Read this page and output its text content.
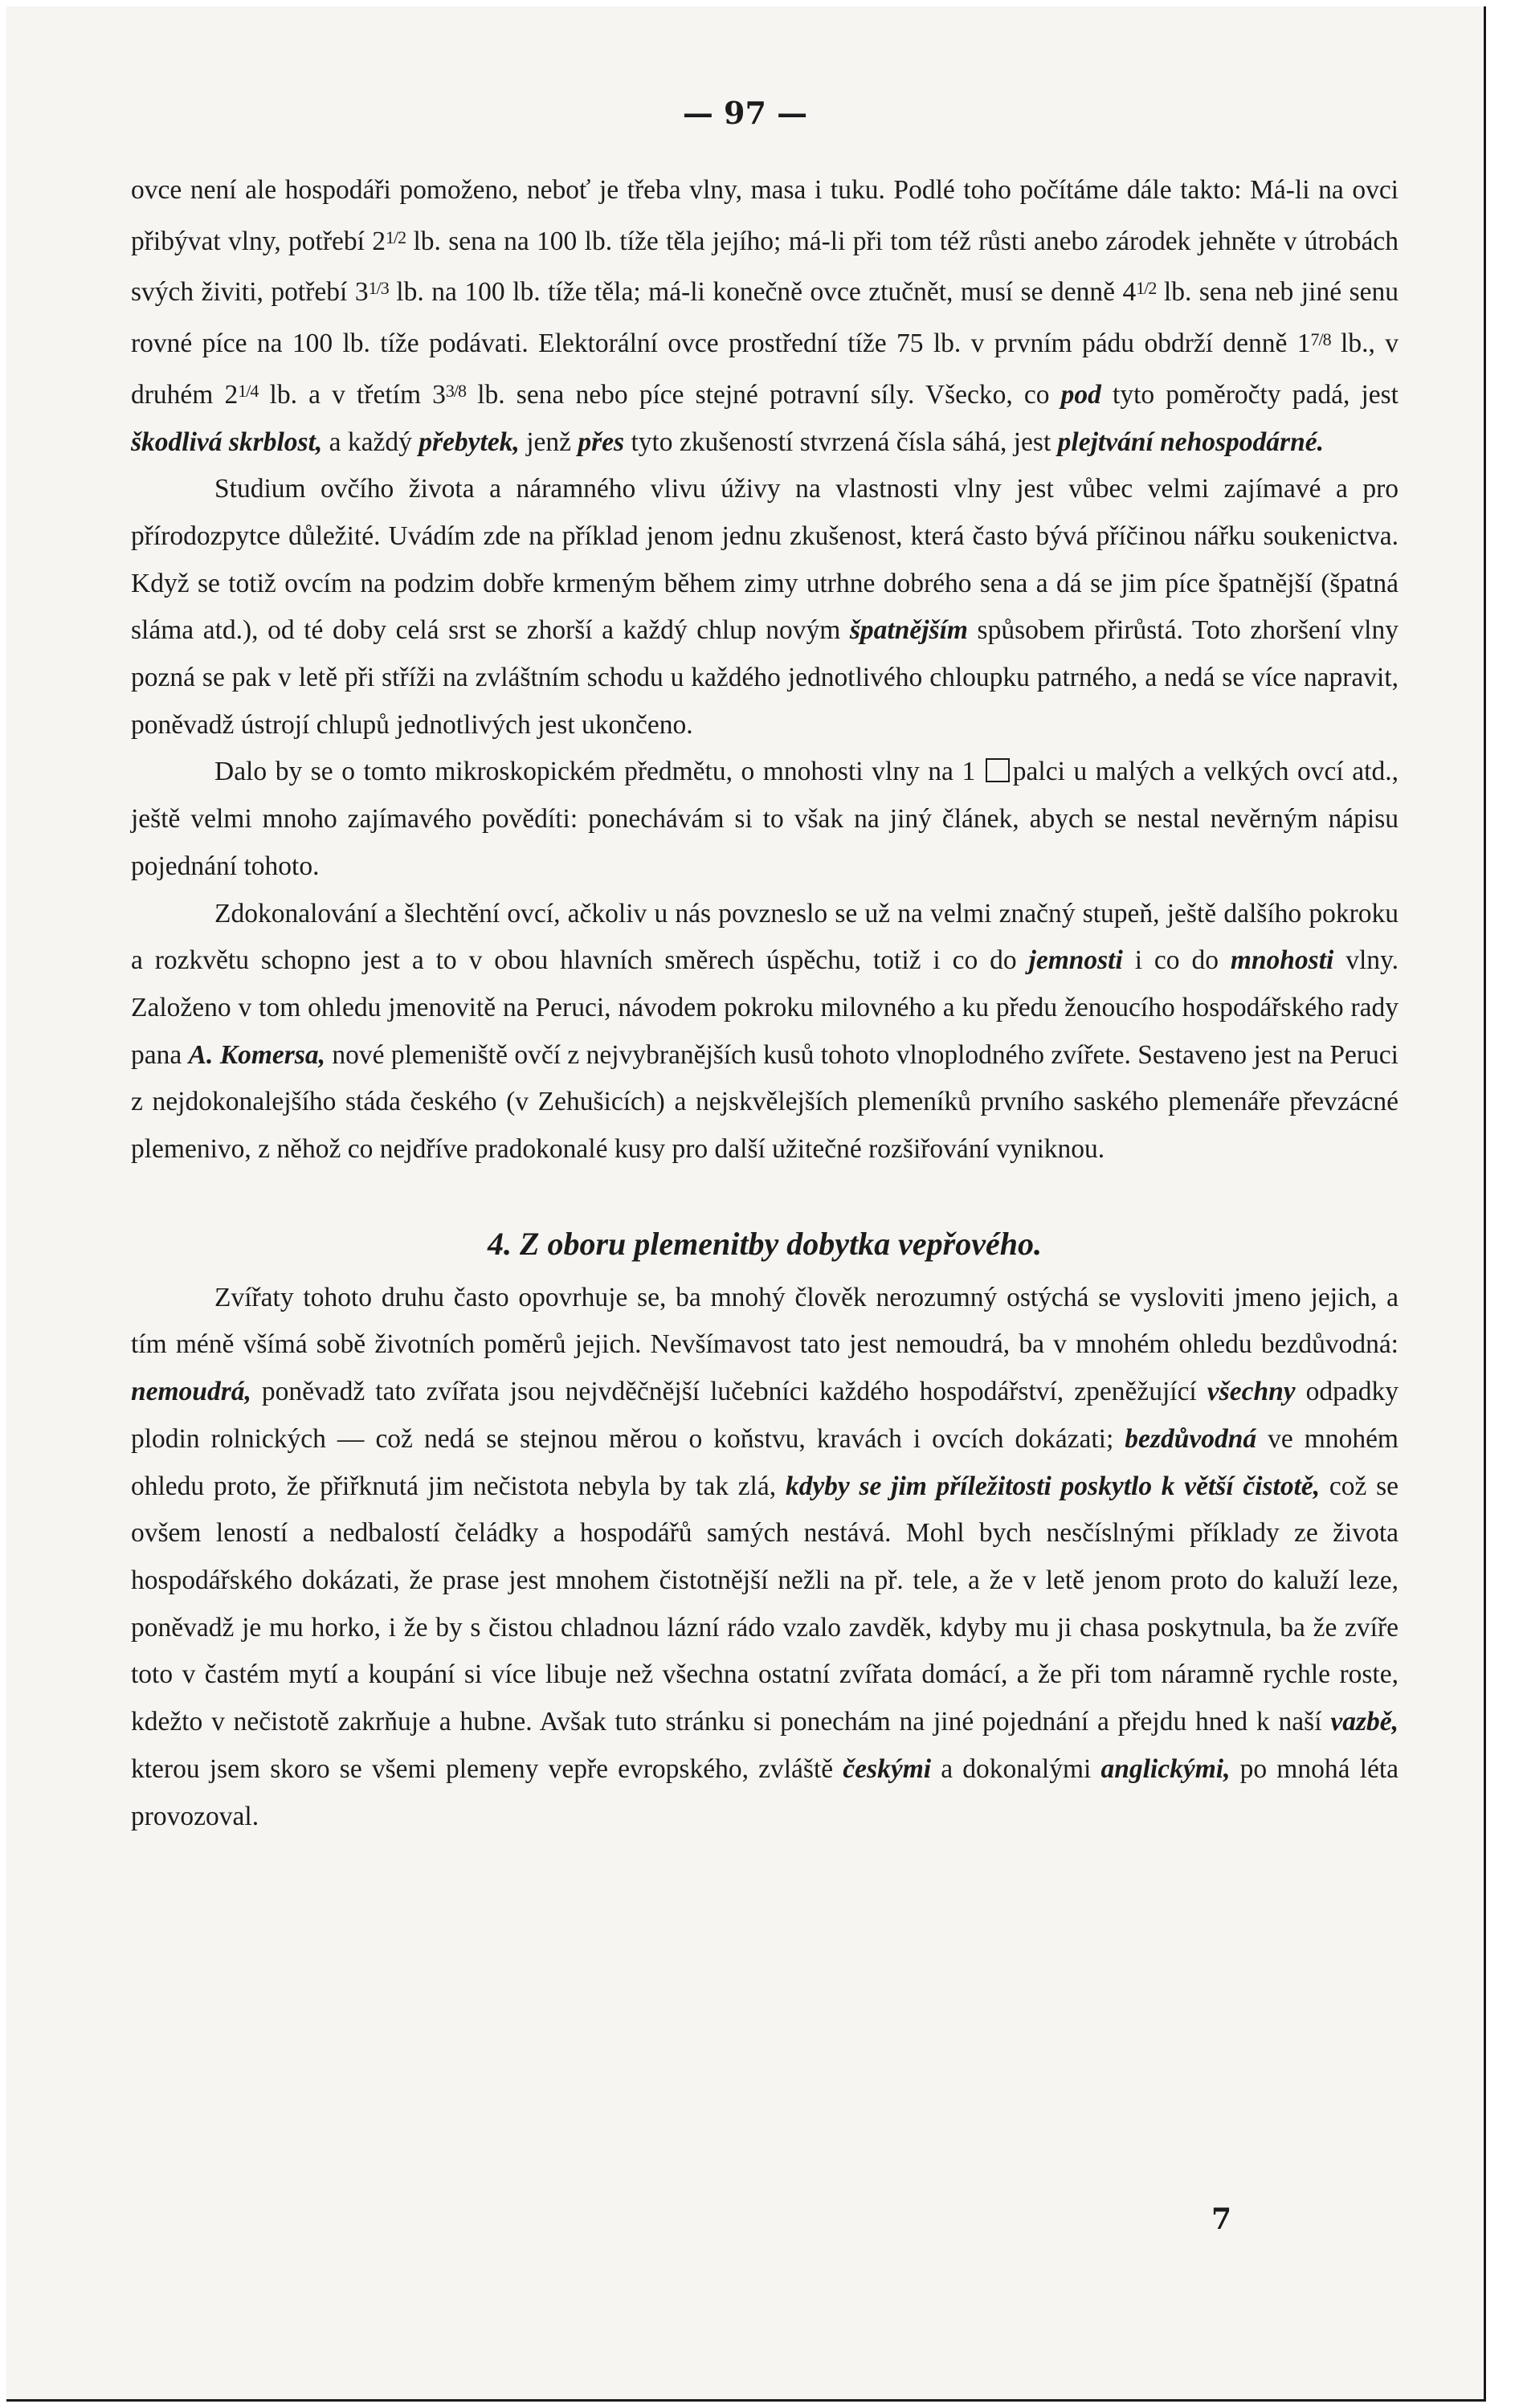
— 97 —

ovce není ale hospodáři pomoženo, neboť je třeba vlny, masa i tuku. Podlé toho počítáme dále takto: Má-li na ovci přibývat vlny, potřebí $2^{1/2}$ lb. sena na 100 lb. tíže těla jejího; má-li při tom též růsti anebo zárodek jehněte v útrobách svých živiti, potřebí $3^{1/3}$ lb. na 100 lb. tíže těla; má-li konečně ovce ztučnět, musí se denně $4^{1/2}$ lb. sena neb jiné senu rovné píce na 100 lb. tíže podávati. Elektorální ovce prostřední tíže 75 lb. v prvním pádu obdrží denně $1^{7/8}$ lb., v druhém $2^{1/4}$ lb. a v třetím $3^{3/8}$ lb. sena nebo píce stejné potravní síly. Všecko, co pod tyto poměročty padá, jest škodlivá skrblost, a každý přebytek, jenž přes tyto zkušeností stvrzená čísla sáhá, jest plejtvání nehospodárné.

Studium ovčího života a náramného vlivu úživy na vlastnosti vlny jest vůbec velmi zajímavé a pro přírodozpytce důležité. Uvádím zde na příklad jenom jednu zkušenost, která často bývá příčinou nářku soukenictva. Když se totiž ovcím na podzim dobře krmeným během zimy utrhne dobrého sena a dá se jim píce špatnější (špatná sláma atd.), od té doby celá srst se zhorší a každý chlup novým špatnějším spůsobem přirůstá. Toto zhoršení vlny pozná se pak v letě při stříži na zvláštním schodu u každého jednotlivého chloupku patrného, a nedá se více napravit, poněvadž ústrojí chlupů jednotlivých jest ukončeno.

Dalo by se o tomto mikroskopickém předmětu, o mnohosti vlny na 1 palci u malých a velkých ovcí atd., ještě velmi mnoho zajímavého povědíti: ponechávám si to však na jiný článek, abych se nestal nevěrným nápisu pojednání tohoto.

Zdokonalování a šlechtění ovcí, ačkoliv u nás povzneslo se už na velmi značný stupeň, ještě dalšího pokroku a rozkvětu schopno jest a to v obou hlavních směrech úspěchu, totiž i co do jemnosti i co do mnohosti vlny. Založeno v tom ohledu jmenovitě na Peruci, návodem pokroku milovného a ku předu ženoucího hospodářského rady pana A. Komersa, nové plemeniště ovčí z nejvybranějších kusů tohoto vlnoplodného zvířete. Sestaveno jest na Peruci z nejdokonalejšího stáda českého (v Zehušicích) a nejskvělejších plemeníků prvního saského plemenáře převzácné plemenivo, z něhož co nejdříve pradokonalé kusy pro další užitečné rozšiřování vyniknou.

4. Z oboru plemenitby dobytka vepřového.

Zvířaty tohoto druhu často opovrhuje se, ba mnohý člověk nerozumný ostýchá se vysloviti jmeno jejich, a tím méně všímá sobě životních poměrů jejich. Nevšímavost tato jest nemoudrá, ba v mnohém ohledu bezdůvodná: nemoudrá, poněvadž tato zvířata jsou nejvděčnější lučebníci každého hospodářství, zpeněžující všechny odpadky plodin rolnických — což nedá se stejnou měrou o koňstvu, kravách i ovcích dokázati; bezdůvodná ve mnohém ohledu proto, že přiřknutá jim nečistota nebyla by tak zlá, kdyby se jim příležitosti poskytlo k větší čistotě, což se ovšem leností a nedbalostí čeládky a hospodářů samých nestává. Mohl bych nesčíslnými příklady ze života hospodářského dokázati, že prase jest mnohem čistotnější nežli na př. tele, a že v letě jenom proto do kaluží leze, poněvadž je mu horko, i že by s čistou chladnou lázní rádo vzalo zavděk, kdyby mu ji chasa poskytnula, ba že zvíře toto v častém mytí a koupání si více libuje než všechna ostatní zvířata domácí, a že při tom náramně rychle roste, kdežto v nečistotě zakrňuje a hubne. Avšak tuto stránku si ponechám na jiné pojednání a přejdu hned k naší vazbě, kterou jsem skoro se všemi plemeny vepře evropského, zvláště českými a dokonalými anglickými, po mnohá léta provozoval.

7
